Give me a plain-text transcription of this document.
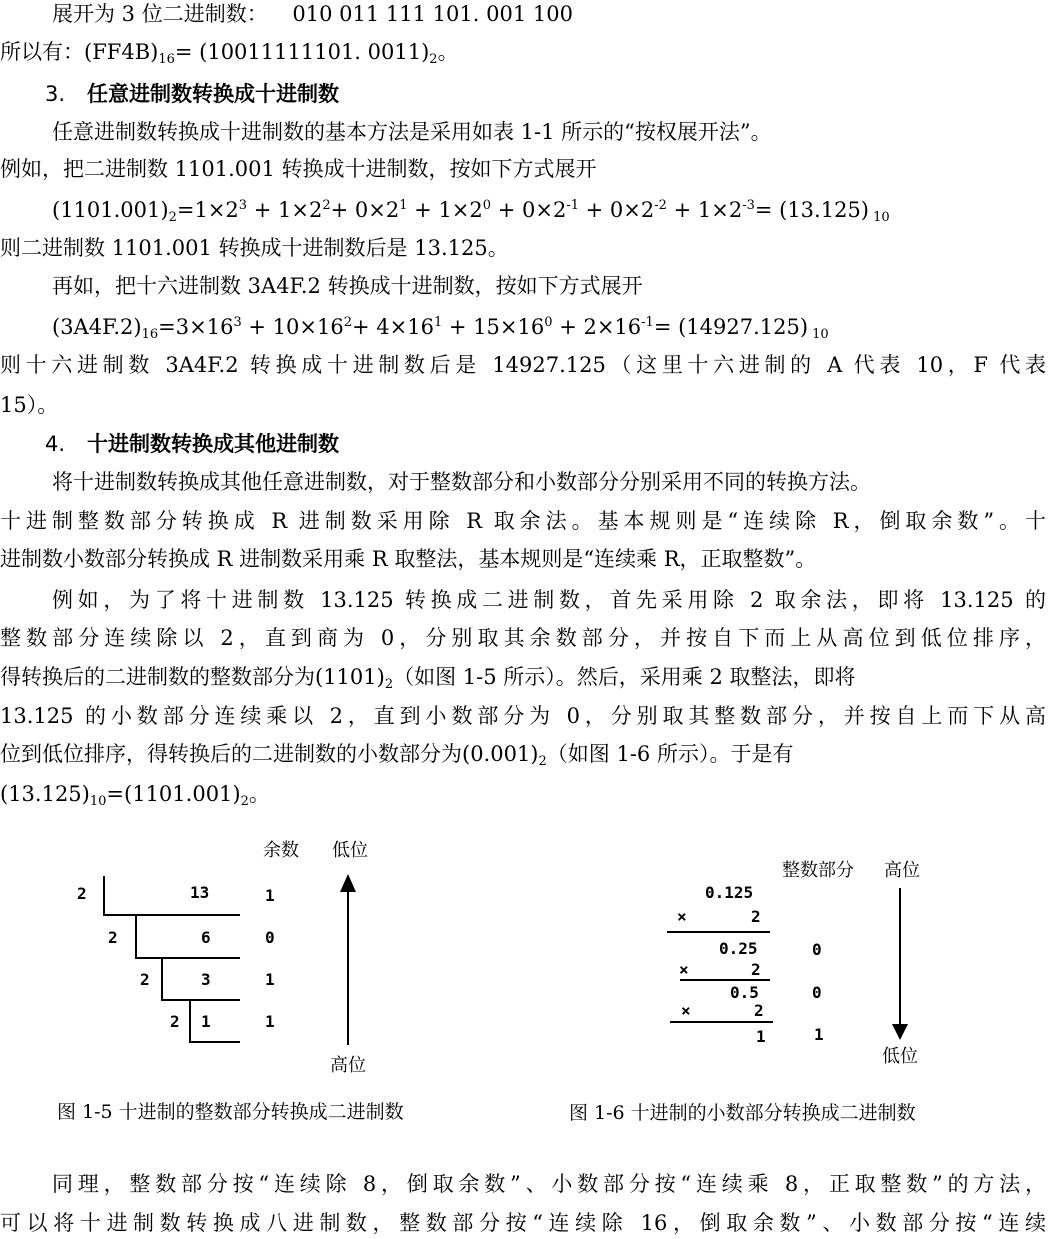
展开为 3 位二进制数： 010 011 111 101. 001 100
所以有：$(FF4B)_{16}= (10011111101$. $0011)_2$。
3. 任意进制数转换成十进制数
任意进制数转换成十进制数的基本方法是采用如表 1-1 所示的“按权展开法”。
例如，把二进制数 1101.001 转换成十进制数，按如下方式展开
$(1101.001)_2=1\times 2^3 + 1\times 2^2+ 0\times 2^1 + 1\times 2^0 + 0\times 2^{-1} + 0\times 2^{-2} + 1\times 2^{-3}= (13.125)$ $_{10}$
则二进制数 1101.001 转换成十进制数后是 13.125。
再如，把十六进制数 3A4F.2 转换成十进制数，按如下方式展开
$(3A4F.2)_{16}=3\times 16^3 + 10\times 16^2+ 4\times 16^1 + 15\times 16^0 + 2\times 16^{-1}= (14927.125)$ $_{10}$
则十六进制数 3A4F.2 转换成十进制数后是 14927.125（这里十六进制的 A 代表 10，F 代表
15）。
4. 十进制数转换成其他进制数
将十进制数转换成其他任意进制数，对于整数部分和小数部分分别采用不同的转换方法。
十进制整数部分转换成 R 进制数采用除 R 取余法。基本规则是“连续除 R，倒取余数”。十
进制数小数部分转换成 R 进制数采用乘 R 取整法，基本规则是“连续乘 R，正取整数”。
例如，为了将十进制数 13.125 转换成二进制数，首先采用除 2 取余法，即将 13.125 的
整数部分连续除以 2，直到商为 0，分别取其余数部分，并按自下而上从高位到低位排序，
得转换后的二进制数的整数部分为$(1101)_2$（如图 1-5 所示）。然后，采用乘 2 取整法，即将
13.125 的小数部分连续乘以 2，直到小数部分为 0，分别取其整数部分，并按自上而下从高
位到低位排序，得转换后的二进制数的小数部分为$(0.001)_2$（如图 1-6 所示）。于是有
$(13.125)_{10}=(1101.001)_2$。
余数 低位
高位
2	13	1
2	6	0
2	3	1
2 1	1
图 1-5 十进制的整数部分转换成二进制数
整数部分 高位
低位
0.125
×	2
0.25	0
×	2
0.5	0
×	2
1	1
图 1-6 十进制的小数部分转换成二进制数
同理，整数部分按“连续除 8，倒取余数”、小数部分按“连续乘 8，正取整数”的方法，
可以将十进制数转换成八进制数，整数部分按“连续除 16，倒取余数”、小数部分按“连续
